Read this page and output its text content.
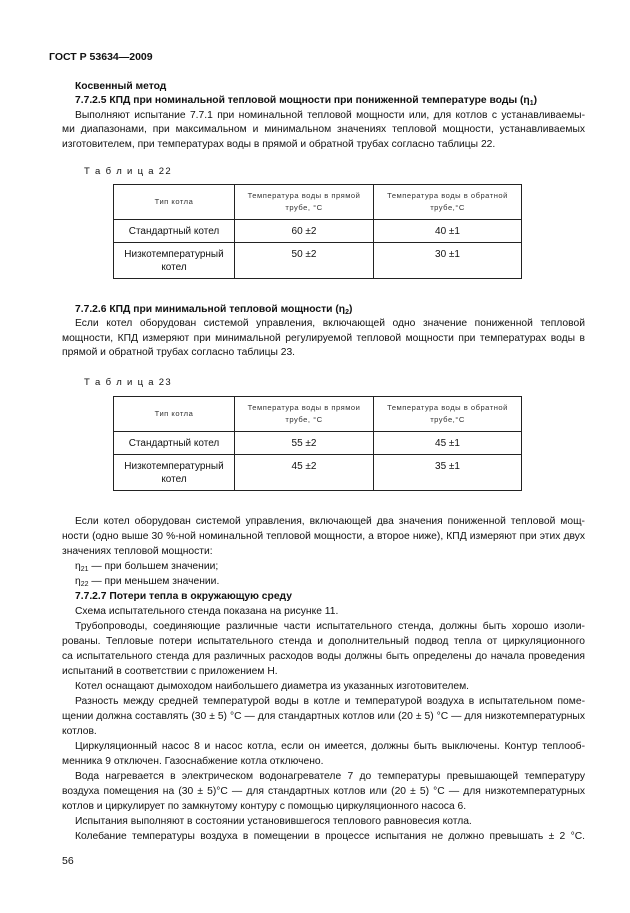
ГОСТ Р 53634—2009
Косвенный метод
7.7.2.5 КПД при номинальной тепловой мощности при пониженной температуре воды $(\eta_1)$
Выполняют испытание 7.7.1 при номинальной тепловой мощности или, для котлов с устанавливаемы-
ми диапазонами, при максимальном и минимальном значениях тепловой мощности, устанавливаемых
изготовителем, при температурах воды в прямой и обратной трубах согласно таблицы 22.
Т а б л и ц а 22
Тип котла	Температура воды в прямой трубе, °С	Температура воды в обратной трубе,°С
Стандартный котел	60 ±2	40 ±1
Низкотемпературный котел	50 ±2	30 ±1
7.7.2.6 КПД при минимальной тепловой мощности $(\eta_2)$
Если котел оборудован системой управления, включающей одно значение пониженной тепловой
мощности, КПД измеряют при минимальной регулируемой тепловой мощности при температурах воды в
прямой и обратной трубах согласно таблицы 23.
Т а б л и ц а 23
Тип котла	Температура воды в прямои трубе, °С	Температура воды в обратной трубе,°С
Стандартный котел	55 ±2	45 ±1
Низкотемпературный котел	45 ±2	35 ±1
Если котел оборудован системой управления, включающей два значения пониженной тепловой мощ-
ности (одно выше 30 %-ной номинальной тепловой мощности, а второе ниже), КПД измеряют при этих двух
значениях тепловой мощности:
$\eta_{21}$ — при большем значении;
$\eta_{22}$ — при меньшем значении.
7.7.2.7 Потери тепла в окружающую среду
Схема испытательного стенда показана на рисунке 11.
Трубопроводы, соединяющие различные части испытательного стенда, должны быть хорошо изоли-
рованы. Тепловые потери испытательного стенда и дополнительный подвод тепла от циркуляционного
са испытательного стенда для различных расходов воды должны быть определены до начала проведения
испытаний в соответствии с приложением Н.
Котел оснащают дымоходом наибольшего диаметра из указанных изготовителем.
Разность между средней температурой воды в котле и температурой воздуха в испытательном поме-
щении должна составлять (30 ± 5) °С — для стандартных котлов или (20 ± 5) °С — для низкотемпературных
котлов.
Циркуляционный насос 8 и насос котла, если он имеется, должны быть выключены. Контур теплооб-
менника 9 отключен. Газоснабжение котла отключено.
Вода нагревается в электрическом водонагревателе 7 до температуры превышающей температуру
воздуха помещения на (30 ± 5)°С — для стандартных котлов или (20 ± 5) °С — для низкотемпературных
котлов и циркулирует по замкнутому контуру с помощью циркуляционного насоса 6.
Испытания выполняют в состоянии установившегося теплового равновесия котла.
Колебание температуры воздуха в помещении в процессе испытания не должно превышать ± 2 °С.
56
